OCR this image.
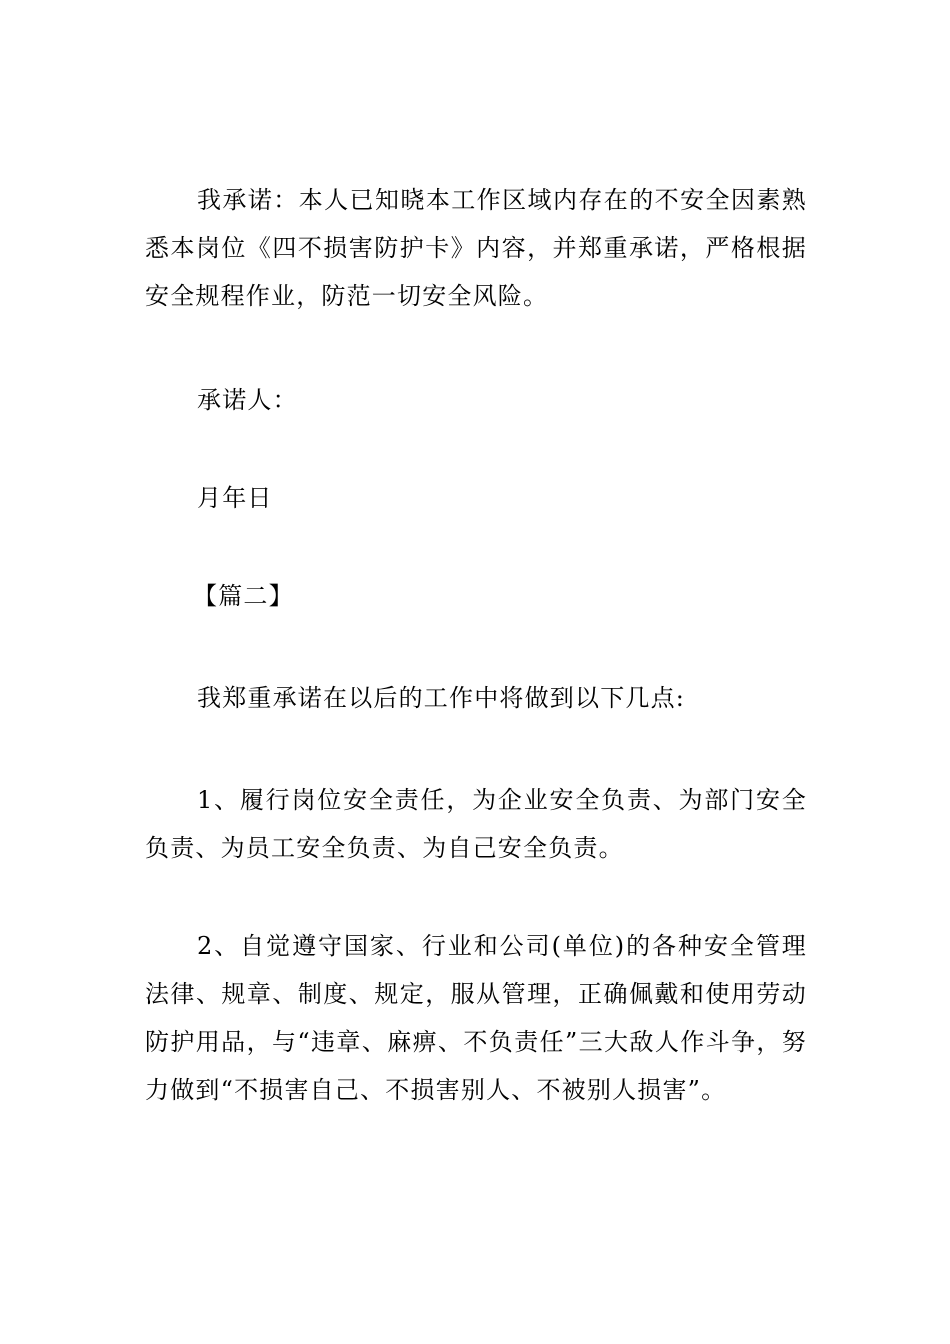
我承诺：本人已知晓本工作区域内存在的不安全因素熟悉本岗位《四不损害防护卡》内容，并郑重承诺，严格根据安全规程作业，防范一切安全风险。

承诺人：

月年日

【篇二】

我郑重承诺在以后的工作中将做到以下几点:

1、履行岗位安全责任，为企业安全负责、为部门安全负责、为员工安全负责、为自己安全负责。

2、自觉遵守国家、行业和公司(单位)的各种安全管理法律、规章、制度、规定，服从管理，正确佩戴和使用劳动防护用品，与“违章、麻痹、不负责任”三大敌人作斗争，努力做到“不损害自己、不损害别人、不被别人损害”。
